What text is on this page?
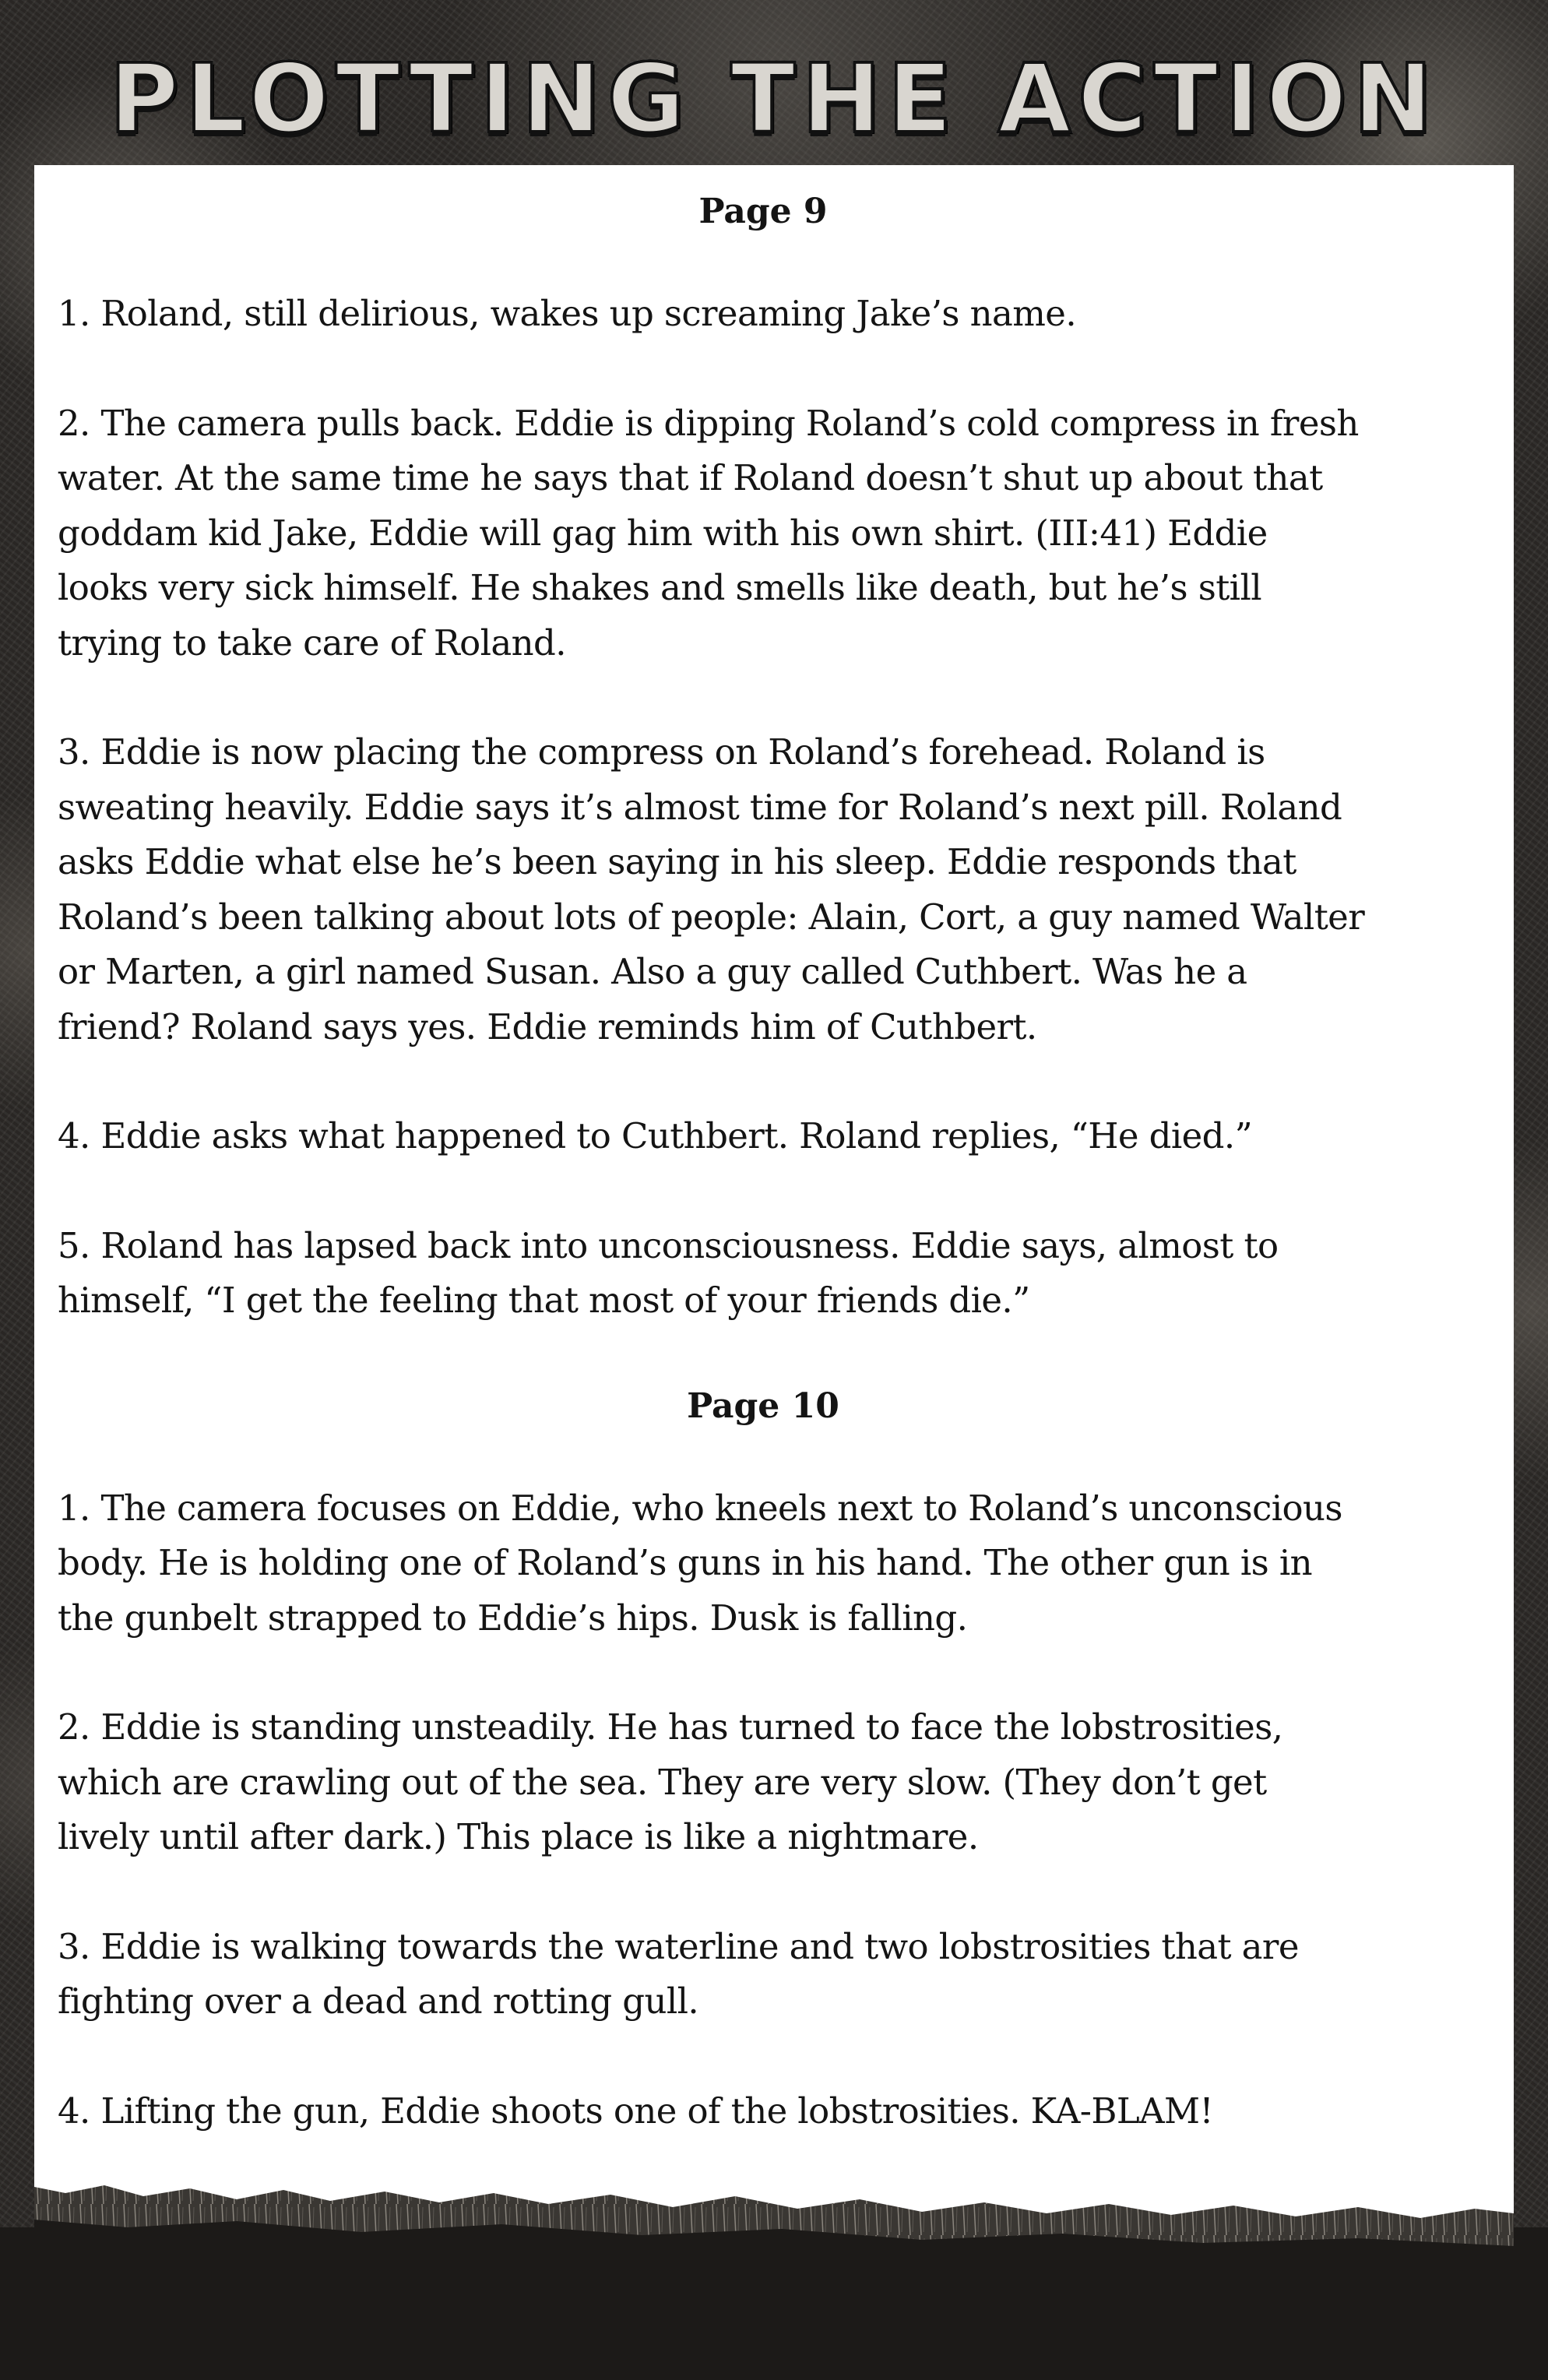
PLOTTING THE ACTION
Page 9

1. Roland, still delirious, wakes up screaming Jake’s name.

2. The camera pulls back. Eddie is dipping Roland’s cold compress in fresh
water. At the same time he says that if Roland doesn’t shut up about that
goddam kid Jake, Eddie will gag him with his own shirt. (III:41) Eddie
looks very sick himself. He shakes and smells like death, but he’s still
trying to take care of Roland.

3. Eddie is now placing the compress on Roland’s forehead. Roland is
sweating heavily. Eddie says it’s almost time for Roland’s next pill. Roland
asks Eddie what else he’s been saying in his sleep. Eddie responds that
Roland’s been talking about lots of people: Alain, Cort, a guy named Walter
or Marten, a girl named Susan. Also a guy called Cuthbert. Was he a
friend? Roland says yes. Eddie reminds him of Cuthbert.

4. Eddie asks what happened to Cuthbert. Roland replies, “He died.”

5. Roland has lapsed back into unconsciousness. Eddie says, almost to
himself, “I get the feeling that most of your friends die.”

Page 10

1. The camera focuses on Eddie, who kneels next to Roland’s unconscious
body. He is holding one of Roland’s guns in his hand. The other gun is in
the gunbelt strapped to Eddie’s hips. Dusk is falling.

2. Eddie is standing unsteadily. He has turned to face the lobstrosities,
which are crawling out of the sea. They are very slow. (They don’t get
lively until after dark.) This place is like a nightmare.

3. Eddie is walking towards the waterline and two lobstrosities that are
fighting over a dead and rotting gull.

4. Lifting the gun, Eddie shoots one of the lobstrosities. KA-BLAM!
